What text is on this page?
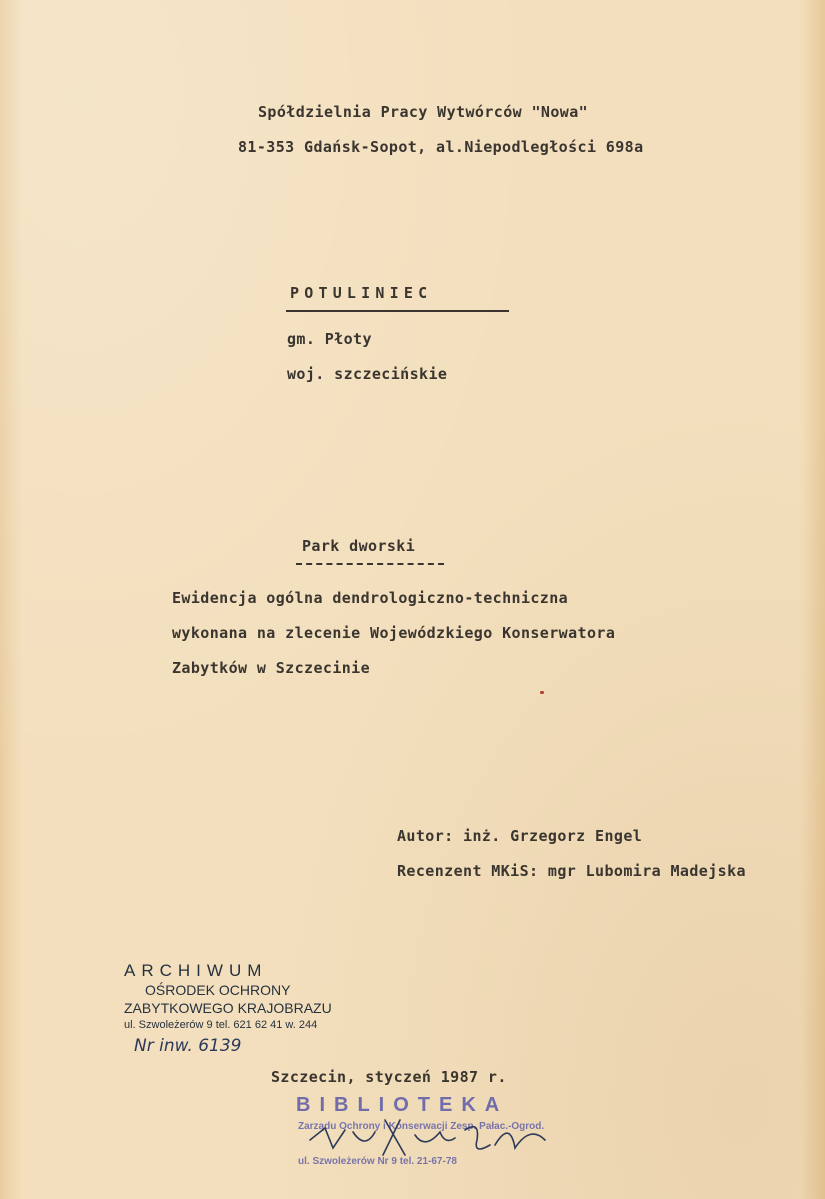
Spółdzielnia Pracy Wytwórców "Nowa"
81-353 Gdańsk-Sopot, al.Niepodległości 698a
POTULINIEC
gm. Płoty
woj. szczecińskie
Park dworski
Ewidencja ogólna dendrologiczno-techniczna
wykonana na zlecenie Wojewódzkiego Konserwatora
Zabytków w Szczecinie
Autor: inż. Grzegorz Engel
Recenzent MKiS: mgr Lubomira Madejska
ARCHIWUM
OŚRODEK OCHRONY
ZABYTKOWEGO KRAJOBRAZU
ul. Szwoleżerów 9 tel. 621 62 41 w. 244
Nr inw. 6139
Szczecin, styczeń 1987 r.
BIBLIOTEKA
Zarządu Ochrony i Konserwacji Zesp. Pałac.-Ogrod.
ul. Szwoleżerów Nr 9 tel. 21-67-78
